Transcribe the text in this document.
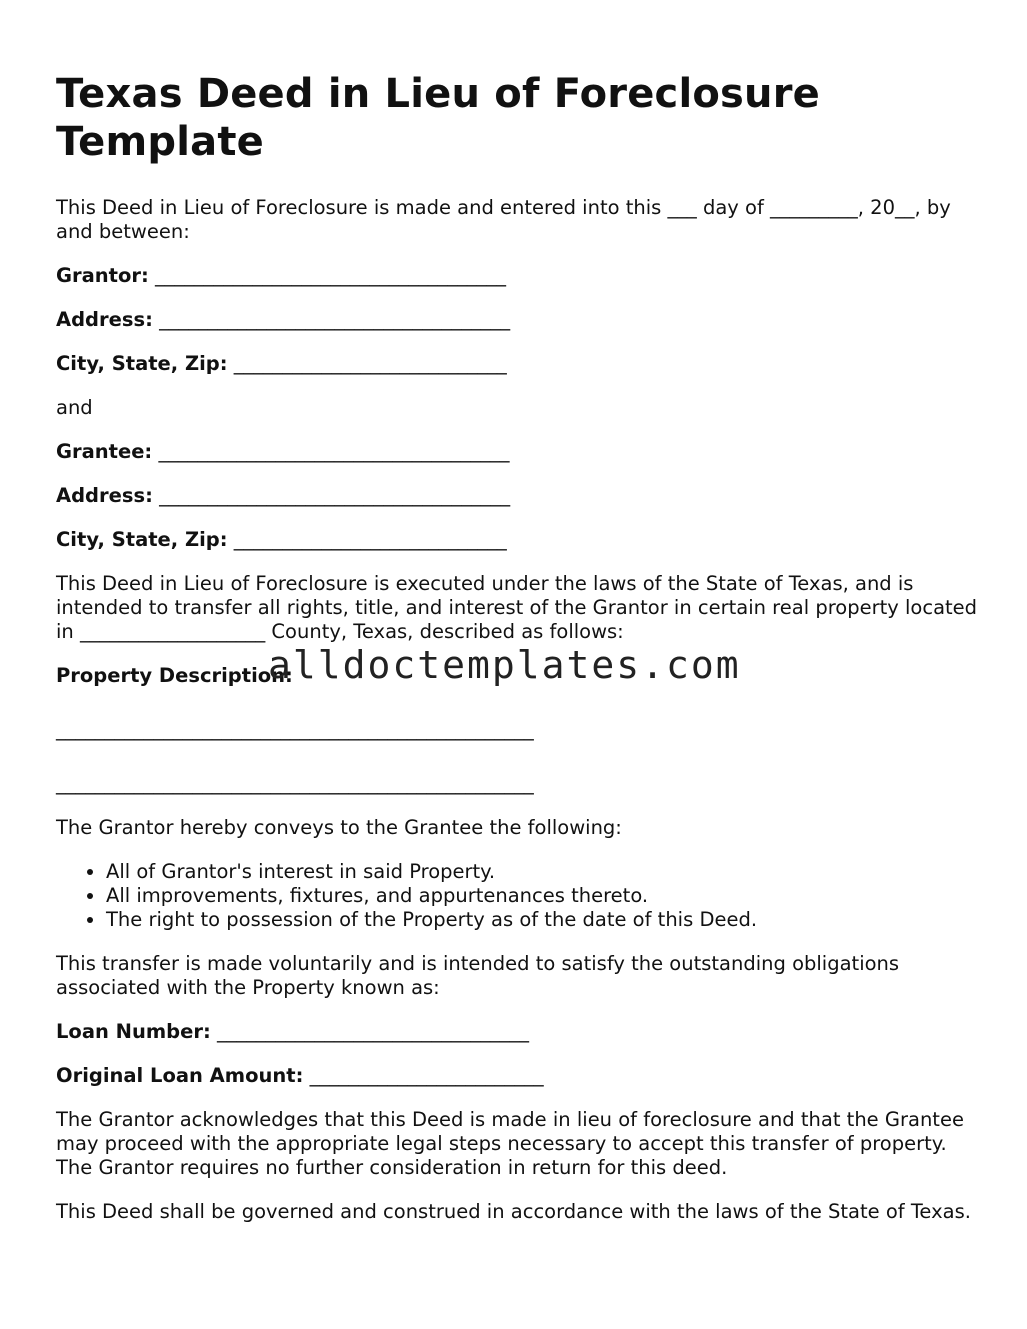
Texas Deed in Lieu of Foreclosure Template

This Deed in Lieu of Foreclosure is made and entered into this ___ day of _________, 20__, by and between:

Grantor: ____________________________________
Address: ____________________________________
City, State, Zip: ____________________________

and

Grantee: ____________________________________
Address: ____________________________________
City, State, Zip: ____________________________

This Deed in Lieu of Foreclosure is executed under the laws of the State of Texas, and is intended to transfer all rights, title, and interest of the Grantor in certain real property located in ___________________ County, Texas, described as follows:

Property Description:
_________________________________________________
_________________________________________________

The Grantor hereby conveys to the Grantee the following:

• All of Grantor's interest in said Property.
• All improvements, fixtures, and appurtenances thereto.
• The right to possession of the Property as of the date of this Deed.

This transfer is made voluntarily and is intended to satisfy the outstanding obligations associated with the Property known as:

Loan Number: ________________________________
Original Loan Amount: ________________________

The Grantor acknowledges that this Deed is made in lieu of foreclosure and that the Grantee may proceed with the appropriate legal steps necessary to accept this transfer of property. The Grantor requires no further consideration in return for this deed.

This Deed shall be governed and construed in accordance with the laws of the State of Texas.

alldoctemplates.com
